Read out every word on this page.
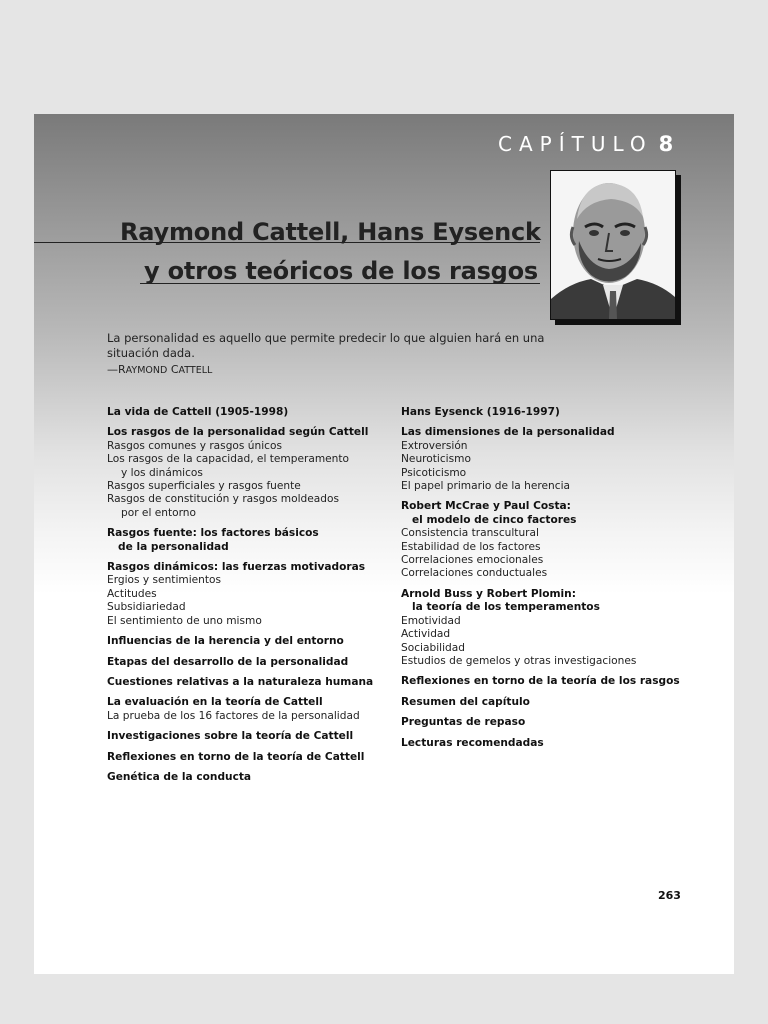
CAPÍTULO 8
Raymond Cattell, Hans Eysenck
y otros teóricos de los rasgos
La personalidad es aquello que permite predecir lo que alguien hará en una situación dada.
—RAYMOND CATTELL
La vida de Cattell (1905-1998)
Los rasgos de la personalidad según Cattell
Rasgos comunes y rasgos únicos
Los rasgos de la capacidad, el temperamento
y los dinámicos
Rasgos superficiales y rasgos fuente
Rasgos de constitución y rasgos moldeados
por el entorno
Rasgos fuente: los factores básicos
de la personalidad
Rasgos dinámicos: las fuerzas motivadoras
Ergios y sentimientos
Actitudes
Subsidiariedad
El sentimiento de uno mismo
Influencias de la herencia y del entorno
Etapas del desarrollo de la personalidad
Cuestiones relativas a la naturaleza humana
La evaluación en la teoría de Cattell
La prueba de los 16 factores de la personalidad
Investigaciones sobre la teoría de Cattell
Reflexiones en torno de la teoría de Cattell
Genética de la conducta
Hans Eysenck (1916-1997)
Las dimensiones de la personalidad
Extroversión
Neuroticismo
Psicoticismo
El papel primario de la herencia
Robert McCrae y Paul Costa:
el modelo de cinco factores
Consistencia transcultural
Estabilidad de los factores
Correlaciones emocionales
Correlaciones conductuales
Arnold Buss y Robert Plomin:
la teoría de los temperamentos
Emotividad
Actividad
Sociabilidad
Estudios de gemelos y otras investigaciones
Reflexiones en torno de la teoría de los rasgos
Resumen del capítulo
Preguntas de repaso
Lecturas recomendadas
263
